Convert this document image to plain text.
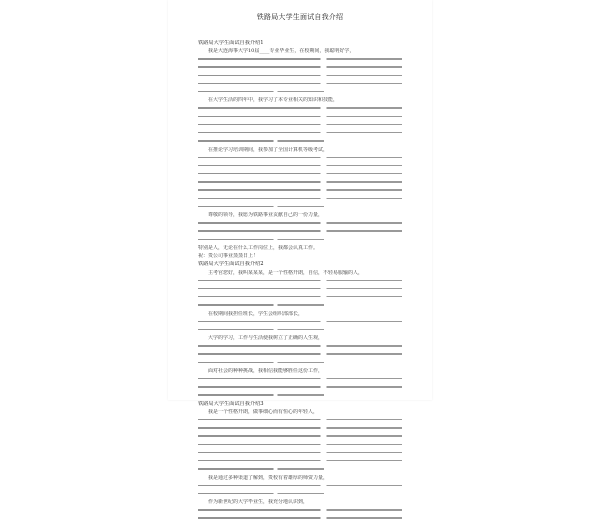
铁路局大学生面试自我介绍
铁路局大学生面试自我介绍1
我是大连海事大学10届____专业毕业生，在校期间，我聪明好学，
在大学生活的四年中，我学习了本专业相关的知识和技能，
在推论学习培训期间，我参加了全国计算机等级考试，
尊敬的领导，我愿为铁路事业贡献自己的一份力量，
特别是人，无论在什么工作岗位上，我都会认真工作。
祝：贵公司事业蒸蒸日上！
铁路局大学生面试自我介绍2
主考官您好，我叫某某某，是一个性格开朗，自信，不轻易服输的人，
在校期间我担任班长，学生会组织部部长，
大学的学习，工作与生活使我树立了正确的人生观，
面对社会的种种挑战，我相信我能够胜任这份工作，
铁路局大学生面试自我介绍3
我是一个性格开朗，做事细心而有恒心的年轻人，
我是通过多种渠道了解到，贵校有着雄厚的师资力量，
作为新世纪的大学毕业生，我充分地认识到，
